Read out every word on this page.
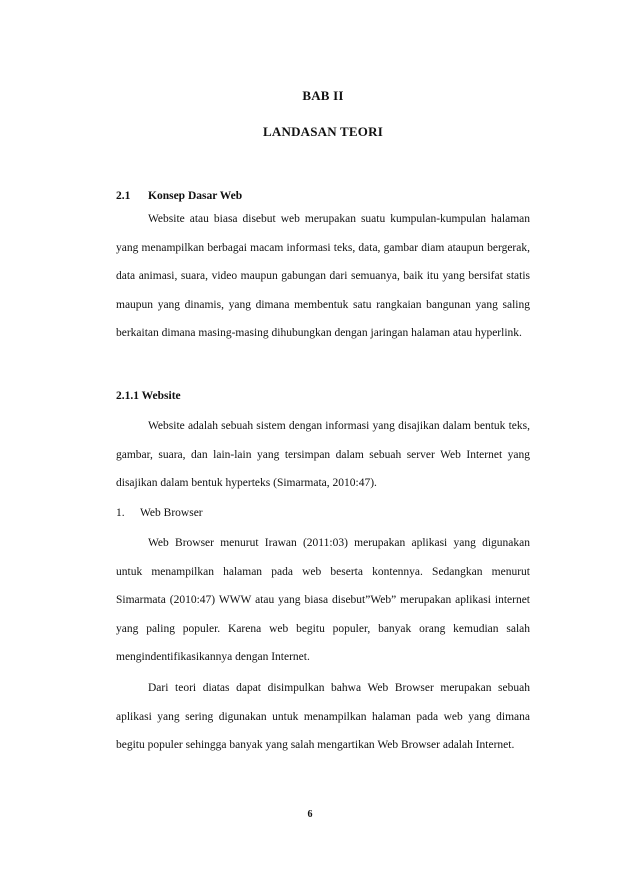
BAB II
LANDASAN TEORI
2.1	Konsep Dasar Web

Website atau biasa disebut web merupakan suatu kumpulan-kumpulan halaman yang menampilkan berbagai macam informasi teks, data, gambar diam ataupun bergerak, data animasi, suara, video maupun gabungan dari semuanya, baik itu yang bersifat statis maupun yang dinamis, yang dimana membentuk satu rangkaian bangunan yang saling berkaitan dimana masing-masing dihubungkan dengan jaringan halaman atau hyperlink.

2.1.1 Website

Website adalah sebuah sistem dengan informasi yang disajikan dalam bentuk teks, gambar, suara, dan lain-lain yang tersimpan dalam sebuah server Web Internet yang disajikan dalam bentuk hyperteks (Simarmata, 2010:47).

1.	Web Browser

Web Browser menurut Irawan (2011:03) merupakan aplikasi yang digunakan untuk menampilkan halaman pada web beserta kontennya. Sedangkan menurut Simarmata (2010:47) WWW atau yang biasa disebut”Web” merupakan aplikasi internet yang paling populer. Karena web begitu populer, banyak orang kemudian salah mengindentifikasikannya dengan Internet.

Dari teori diatas dapat disimpulkan bahwa Web Browser merupakan sebuah aplikasi yang sering digunakan untuk menampilkan halaman pada web yang dimana begitu populer sehingga banyak yang salah mengartikan Web Browser adalah Internet.

6
